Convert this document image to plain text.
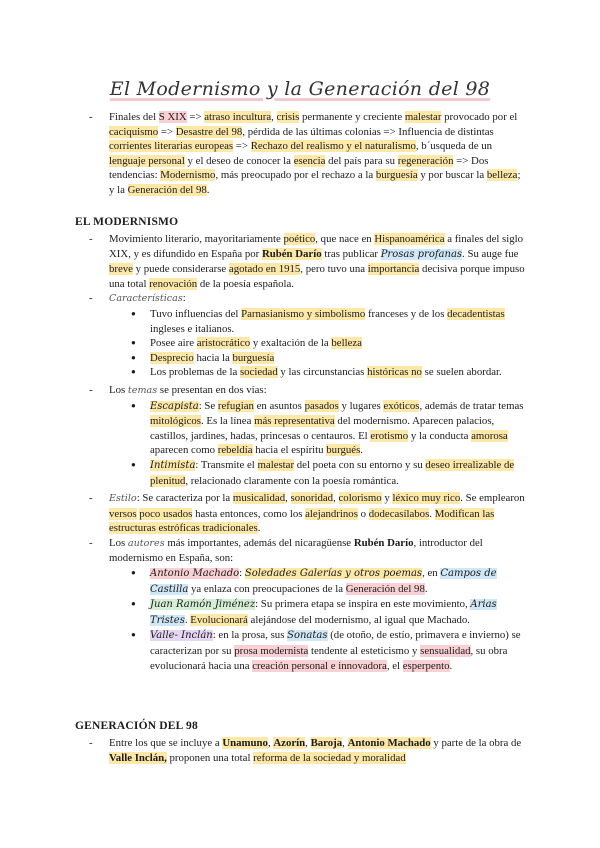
El Modernismo y la Generación del 98
- Finales del S XIX => atraso incultura, crisis permanente y creciente malestar provocado por el caciquismo => Desastre del 98, pérdida de las últimas colonias => Influencia de distintas corrientes literarias europeas => Rechazo del realismo y el naturalismo, b´usqueda de un lenguaje personal y el deseo de conocer la esencia del país para su regeneración => Dos tendencias: Modernismo, más preocupado por el rechazo a la burguesía y por buscar la belleza; y la Generación del 98.
EL MODERNISMO
- Movimiento literario, mayoritariamente poético, que nace en Hispanoamérica a finales del siglo XIX, y es difundido en España por Rubén Darío tras publicar Prosas profanas. Su auge fue breve y puede considerarse agotado en 1915, pero tuvo una importancia decisiva porque impuso una total renovación de la poesía española.
- Características:
● Tuvo influencias del Parnasianismo y simbolismo franceses y de los decadentistas ingleses e italianos.
● Posee aire aristocrático y exaltación de la belleza
● Desprecio hacia la burguesía
● Los problemas de la sociedad y las circunstancias históricas no se suelen abordar.
- Los temas se presentan en dos vías:
● Escapista: Se refugian en asuntos pasados y lugares exóticos, además de tratar temas mitológicos. Es la línea más representativa del modernismo. Aparecen palacios, castillos, jardines, hadas, princesas o centauros. El erotismo y la conducta amorosa aparecen como rebeldía hacia el espíritu burgués.
● Intimista: Transmite el malestar del poeta con su entorno y su deseo irrealizable de plenitud, relacionado claramente con la poesía romántica.
- Estilo: Se caracteriza por la musicalidad, sonoridad, colorismo y léxico muy rico. Se emplearon versos poco usados hasta entonces, como los alejandrinos o dodecasílabos. Modifican las estructuras estróficas tradicionales.
- Los autores más importantes, además del nicaragüense Rubén Darío, introductor del modernismo en España, son:
● Antonio Machado: Soledades Galerías y otros poemas, en Campos de Castilla ya enlaza con preocupaciones de la Generación del 98.
● Juan Ramón Jiménez: Su primera etapa se inspira en este movimiento, Arias Tristes. Evolucionará alejándose del modernismo, al igual que Machado.
● Valle- Inclán: en la prosa, sus Sonatas (de otoño, de estío, primavera e invierno) se caracterizan por su prosa modernista tendente al esteticismo y sensualidad, su obra evolucionará hacia una creación personal e innovadora, el esperpento.
GENERACIÓN DEL 98
- Entre los que se incluye a Unamuno, Azorín, Baroja, Antonio Machado y parte de la obra de Valle Inclán, proponen una total reforma de la sociedad y moralidad
